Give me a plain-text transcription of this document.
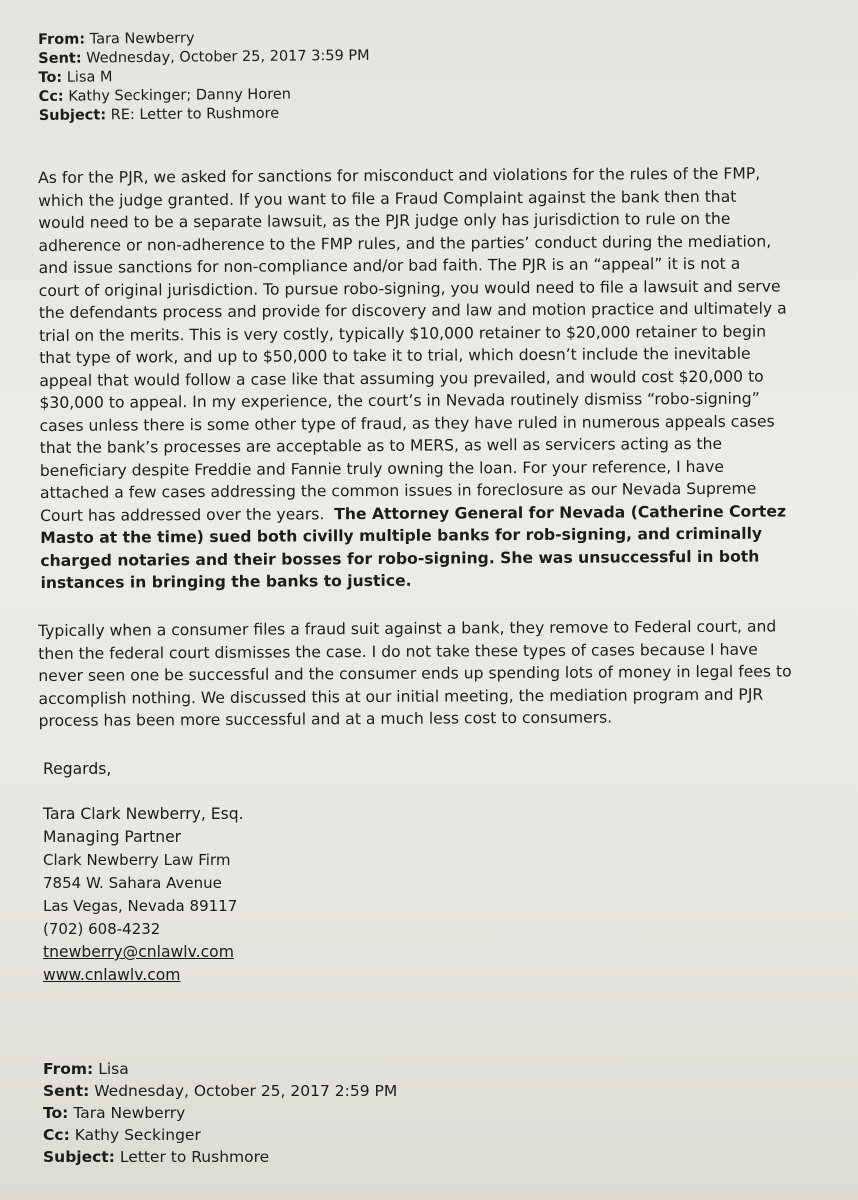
From: Tara Newberry
Sent: Wednesday, October 25, 2017 3:59 PM
To: Lisa M
Cc: Kathy Seckinger; Danny Horen
Subject: RE: Letter to Rushmore
As for the PJR, we asked for sanctions for misconduct and violations for the rules of the FMP,
which the judge granted. If you want to file a Fraud Complaint against the bank then that
would need to be a separate lawsuit, as the PJR judge only has jurisdiction to rule on the
adherence or non-adherence to the FMP rules, and the parties’ conduct during the mediation,
and issue sanctions for non-compliance and/or bad faith. The PJR is an “appeal” it is not a
court of original jurisdiction. To pursue robo-signing, you would need to file a lawsuit and serve
the defendants process and provide for discovery and law and motion practice and ultimately a
trial on the merits. This is very costly, typically $10,000 retainer to $20,000 retainer to begin
that type of work, and up to $50,000 to take it to trial, which doesn’t include the inevitable
appeal that would follow a case like that assuming you prevailed, and would cost $20,000 to
$30,000 to appeal. In my experience, the court’s in Nevada routinely dismiss “robo-signing”
cases unless there is some other type of fraud, as they have ruled in numerous appeals cases
that the bank’s processes are acceptable as to MERS, as well as servicers acting as the
beneficiary despite Freddie and Fannie truly owning the loan. For your reference, I have
attached a few cases addressing the common issues in foreclosure as our Nevada Supreme
Court has addressed over the years.  The Attorney General for Nevada (Catherine Cortez
Masto at the time) sued both civilly multiple banks for rob-signing, and criminally
charged notaries and their bosses for robo-signing. She was unsuccessful in both
instances in bringing the banks to justice.
Typically when a consumer files a fraud suit against a bank, they remove to Federal court, and
then the federal court dismisses the case. I do not take these types of cases because I have
never seen one be successful and the consumer ends up spending lots of money in legal fees to
accomplish nothing. We discussed this at our initial meeting, the mediation program and PJR
process has been more successful and at a much less cost to consumers.
Regards,
Tara Clark Newberry, Esq.
Managing Partner
Clark Newberry Law Firm
7854 W. Sahara Avenue
Las Vegas, Nevada 89117
(702) 608-4232
tnewberry@cnlawlv.com
www.cnlawlv.com
From: Lisa
Sent: Wednesday, October 25, 2017 2:59 PM
To: Tara Newberry
Cc: Kathy Seckinger
Subject: Letter to Rushmore
